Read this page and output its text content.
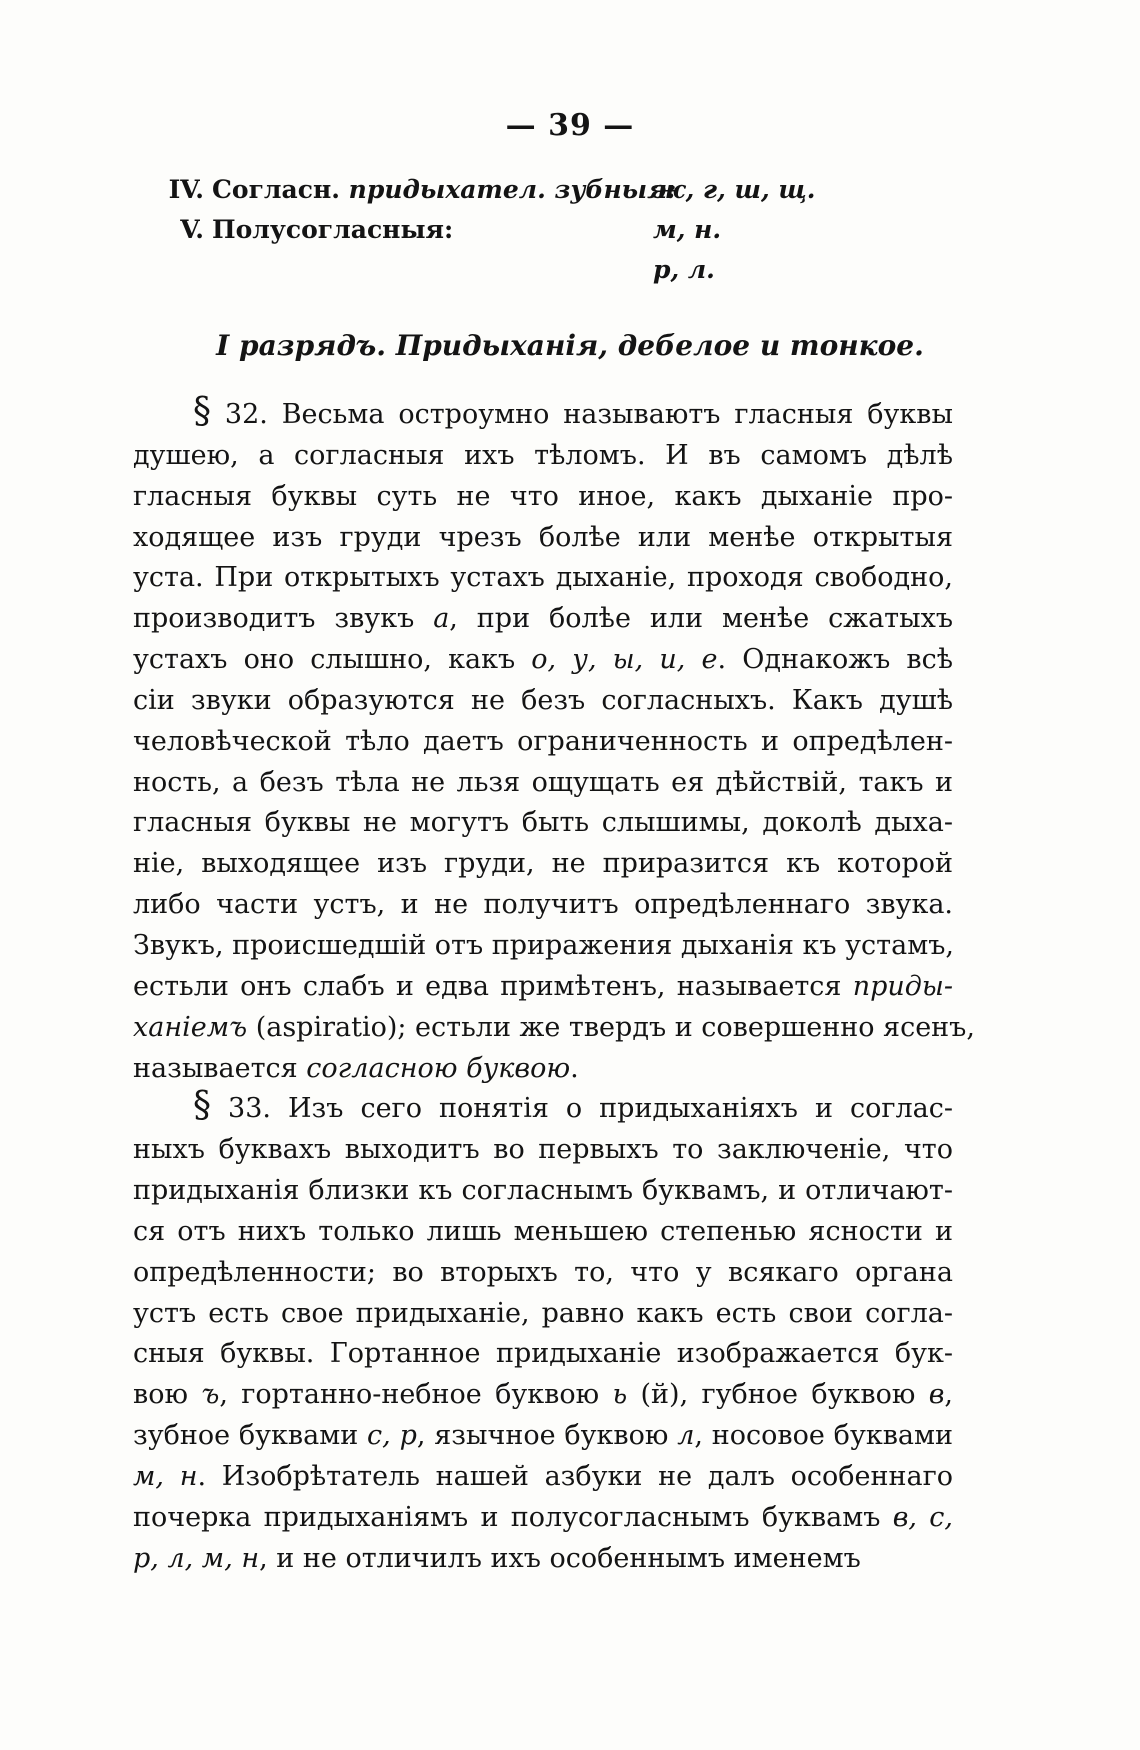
— 39 —
IV. Согласн. придыхател. зубныя:
ж, г, ш, щ.
V. Полусогласныя:	м, н.
р, л.
I разрядъ. Придыханія, дебелое и тонкое.
§ 32. Весьма остроумно называютъ гласныя буквы
душею, а согласныя ихъ тѣломъ. И въ самомъ дѣлѣ
гласныя буквы суть не что иное, какъ дыханіе про-
ходящее изъ груди чрезъ болѣе или менѣе открытыя
уста. При открытыхъ устахъ дыханіе, проходя свободно,
производитъ звукъ а, при болѣе или менѣе сжатыхъ
устахъ оно слышно, какъ о, у, ы, и, е. Однакожъ всѣ
сіи звуки образуются не безъ согласныхъ. Какъ душѣ
человѣческой тѣло даетъ ограниченность и опредѣлен-
ность, а безъ тѣла не льзя ощущать ея дѣйствій, такъ и
гласныя буквы не могутъ быть слышимы, доколѣ дыха-
ніе, выходящее изъ груди, не приразится къ которой
либо части устъ, и не получитъ опредѣленнаго звука.
Звукъ, происшедшій отъ приражения дыханія къ устамъ,
естьли онъ слабъ и едва примѣтенъ, называется приды-
ханіемъ (aspiratio); естьли же твердъ и совершенно ясенъ,
называется согласною буквою.
§ 33. Изъ сего понятія о придыханіяхъ и соглас-
ныхъ буквахъ выходитъ во первыхъ то заключеніе, что
придыханія близки къ согласнымъ буквамъ, и отличают-
ся отъ нихъ только лишь меньшею степенью ясности и
опредѣленности; во вторыхъ то, что у всякаго органа
устъ есть свое придыханіе, равно какъ есть свои согла-
сныя буквы. Гортанное придыханіе изображается бук-
вою ъ, гортанно-небное буквою ь (й), губное буквою в,
зубное буквами с, р, язычное буквою л, носовое буквами
м, н. Изобрѣтатель нашей азбуки не далъ особеннаго
почерка придыханіямъ и полусогласнымъ буквамъ в, с,
р, л, м, н, и не отличилъ ихъ особеннымъ именемъ
